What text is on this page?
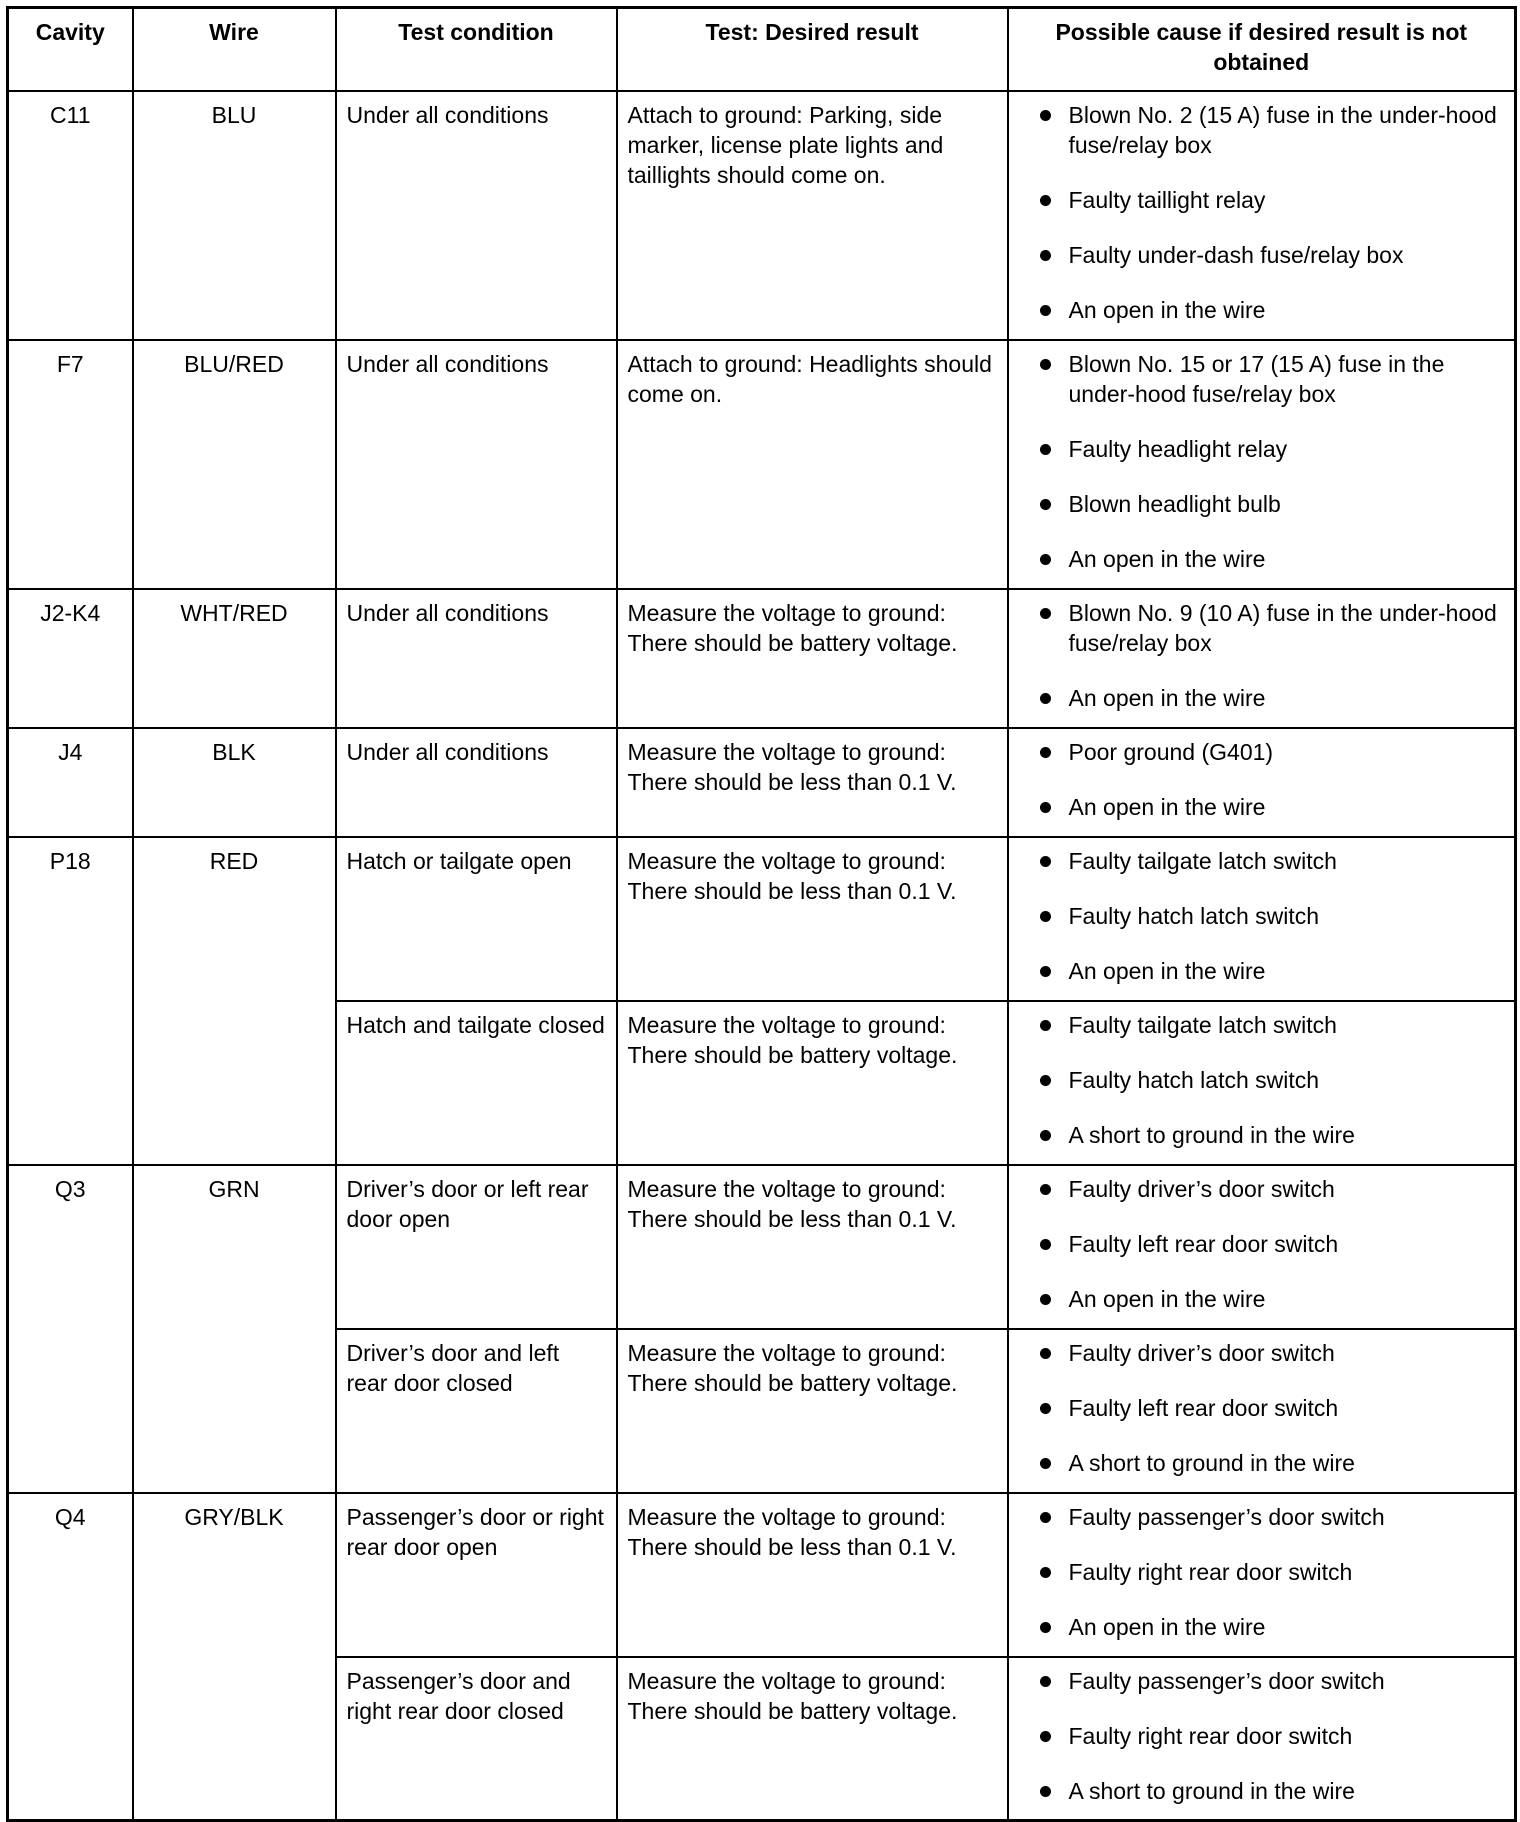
Cavity	Wire	Test condition	Test: Desired result	Possible cause if desired result is not obtained
C11	BLU	Under all conditions	Attach to ground: Parking, side marker, license plate lights and taillights should come on.	Blown No. 2 (15 A) fuse in the under-hood fuse/relay box
Faulty taillight relay
Faulty under-dash fuse/relay box
An open in the wire

F7	BLU/RED	Under all conditions	Attach to ground: Headlights should come on.	Blown No. 15 or 17 (15 A) fuse in the under-hood fuse/relay box
Faulty headlight relay
Blown headlight bulb
An open in the wire

J2-K4	WHT/RED	Under all conditions	Measure the voltage to ground: There should be battery voltage.	Blown No. 9 (10 A) fuse in the under-hood fuse/relay box
An open in the wire

J4	BLK	Under all conditions	Measure the voltage to ground: There should be less than 0.1 V.	Poor ground (G401)
An open in the wire

P18	RED	Hatch or tailgate open	Measure the voltage to ground: There should be less than 0.1 V.	Faulty tailgate latch switch
Faulty hatch latch switch
An open in the wire

		Hatch and tailgate closed	Measure the voltage to ground: There should be battery voltage.	Faulty tailgate latch switch
Faulty hatch latch switch
A short to ground in the wire

Q3	GRN	Driver’s door or left rear door open	Measure the voltage to ground: There should be less than 0.1 V.	Faulty driver’s door switch
Faulty left rear door switch
An open in the wire

		Driver’s door and left rear door closed	Measure the voltage to ground: There should be battery voltage.	Faulty driver’s door switch
Faulty left rear door switch
A short to ground in the wire

Q4	GRY/BLK	Passenger’s door or right rear door open	Measure the voltage to ground: There should be less than 0.1 V.	Faulty passenger’s door switch
Faulty right rear door switch
An open in the wire

		Passenger’s door and right rear door closed	Measure the voltage to ground: There should be battery voltage.	Faulty passenger’s door switch
Faulty right rear door switch
A short to ground in the wire
